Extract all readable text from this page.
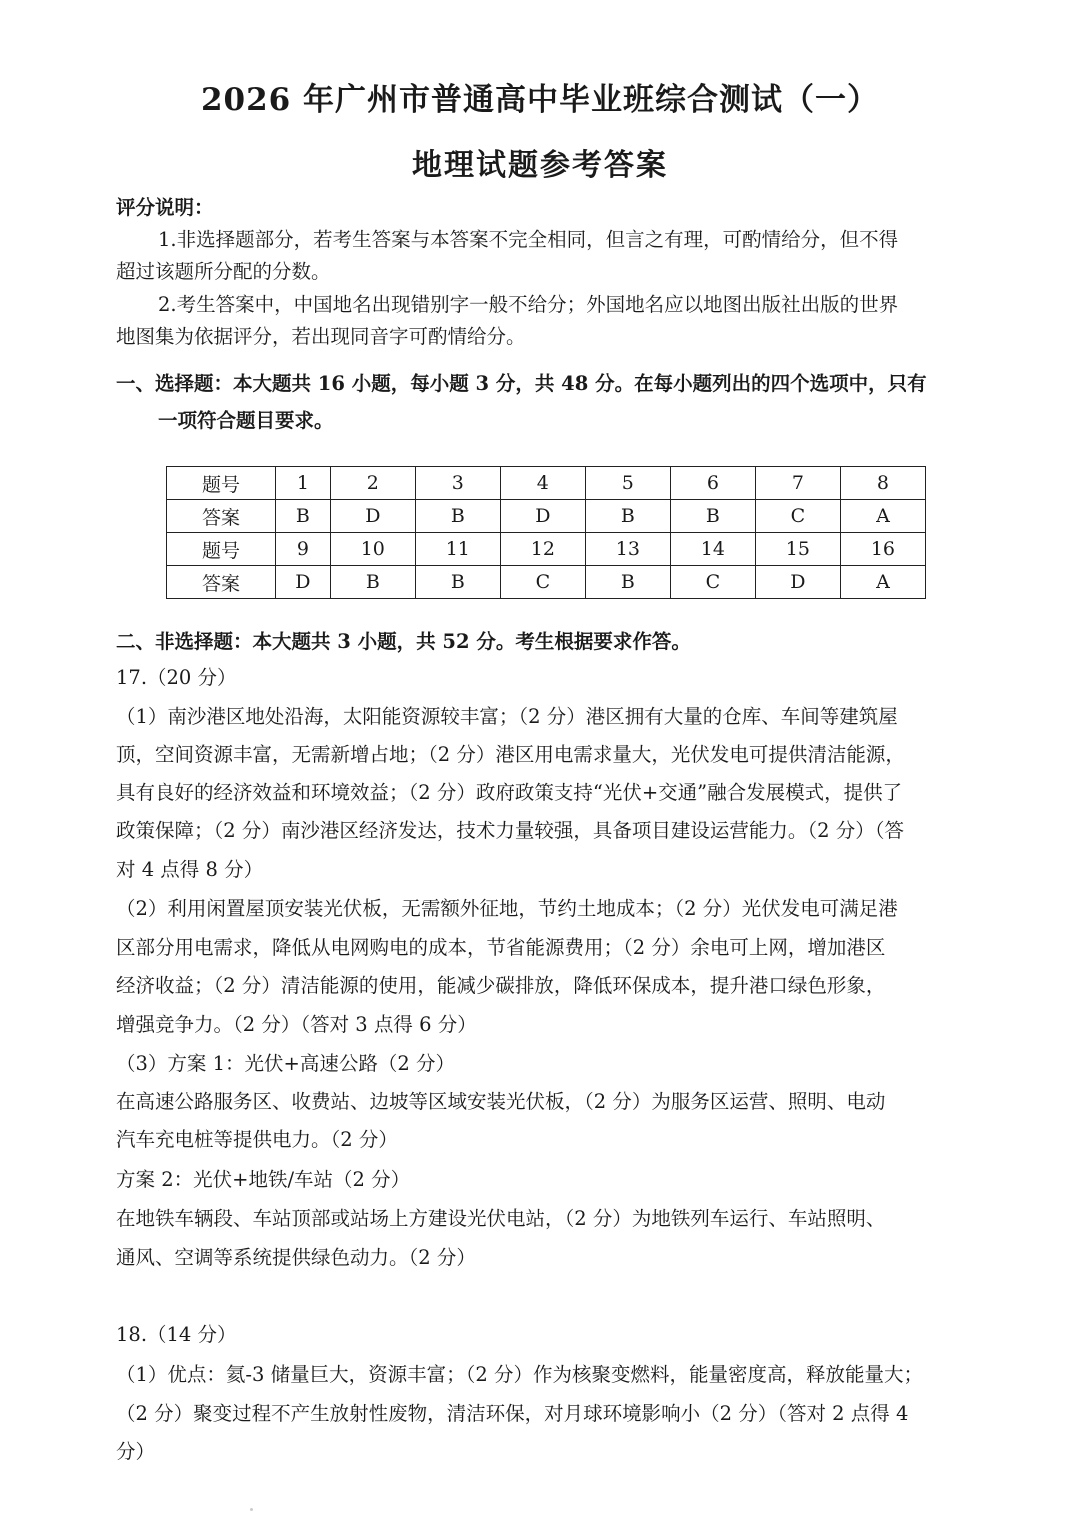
2026 年广州市普通高中毕业班综合测试（一）
地理试题参考答案
评分说明：
1.非选择题部分，若考生答案与本答案不完全相同，但言之有理，可酌情给分，但不得
超过该题所分配的分数。
2.考生答案中，中国地名出现错别字一般不给分；外国地名应以地图出版社出版的世界
地图集为依据评分，若出现同音字可酌情给分。
一、选择题：本大题共 16 小题，每小题 3 分，共 48 分。在每小题列出的四个选项中，只有
一项符合题目要求。
题号	1	2	3	4	5	6	7	8
答案	B	D	B	D	B	B	C	A
题号	9	10	11	12	13	14	15	16
答案	D	B	B	C	B	C	D	A
二、非选择题：本大题共 3 小题，共 52 分。考生根据要求作答。
17.（20 分）
（1）南沙港区地处沿海，太阳能资源较丰富；（2 分）港区拥有大量的仓库、车间等建筑屋
顶，空间资源丰富，无需新增占地；（2 分）港区用电需求量大，光伏发电可提供清洁能源，
具有良好的经济效益和环境效益；（2 分）政府政策支持“光伏+交通”融合发展模式，提供了
政策保障；（2 分）南沙港区经济发达，技术力量较强，具备项目建设运营能力。（2 分）（答
对 4 点得 8 分）
（2）利用闲置屋顶安装光伏板，无需额外征地，节约土地成本；（2 分）光伏发电可满足港
区部分用电需求，降低从电网购电的成本，节省能源费用；（2 分）余电可上网，增加港区
经济收益；（2 分）清洁能源的使用，能减少碳排放，降低环保成本，提升港口绿色形象，
增强竞争力。（2 分）（答对 3 点得 6 分）
（3）方案 1：光伏+高速公路（2 分）
在高速公路服务区、收费站、边坡等区域安装光伏板，（2 分）为服务区运营、照明、电动
汽车充电桩等提供电力。（2 分）
方案 2：光伏+地铁/车站（2 分）
在地铁车辆段、车站顶部或站场上方建设光伏电站，（2 分）为地铁列车运行、车站照明、
通风、空调等系统提供绿色动力。（2 分）
18.（14 分）
（1）优点：氦-3 储量巨大，资源丰富；（2 分）作为核聚变燃料，能量密度高，释放能量大；
（2 分）聚变过程不产生放射性废物，清洁环保，对月球环境影响小（2 分）（答对 2 点得 4
分）
